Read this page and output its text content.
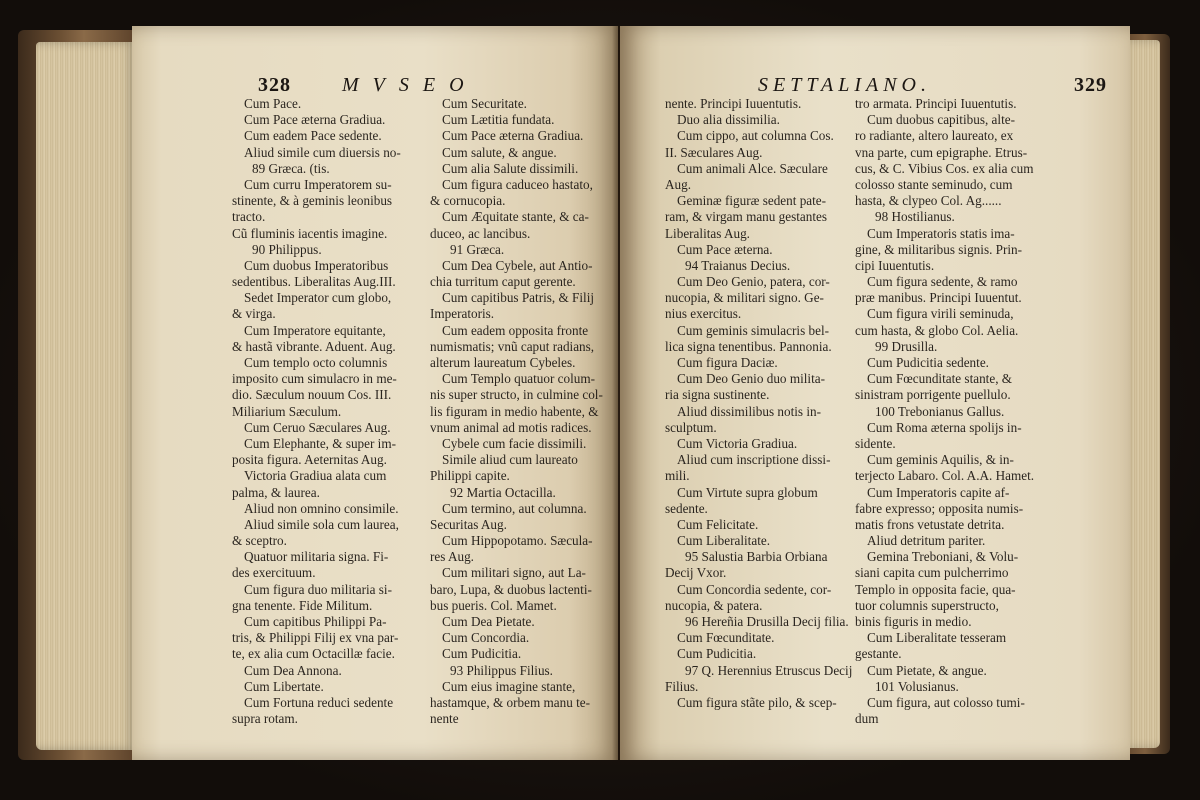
328	MVSEO
Cum Pace.
Cum Pace æterna Gradiua.
Cum eadem Pace sedente.
Aliud simile cum diuersis no-
89 Græca. (tis.
Cum curru Imperatorem su-
stinente, & à geminis leonibus
tracto.
Cũ fluminis iacentis imagine.
90 Philippus.
Cum duobus Imperatoribus
sedentibus. Liberalitas Aug.III.
Sedet Imperator cum globo,
& virga.
Cum Imperatore equitante,
& hastã vibrante. Aduent. Aug.
Cum templo octo columnis
imposito cum simulacro in me-
dio. Sæculum nouum Cos. III.
Miliarium Sæculum.
Cum Ceruo Sæculares Aug.
Cum Elephante, & super im-
posita figura. Aeternitas Aug.
Victoria Gradiua alata cum
palma, & laurea.
Aliud non omnino consimile.
Aliud simile sola cum laurea,
& sceptro.
Quatuor militaria signa. Fi-
des exercituum.
Cum figura duo militaria si-
gna tenente. Fide Militum.
Cum capitibus Philippi Pa-
tris, & Philippi Filij ex vna par-
te, ex alia cum Octacillæ facie.
Cum Dea Annona.
Cum Libertate.
Cum Fortuna reduci sedente
supra rotam.
Cum Securitate.
Cum Lætitia fundata.
Cum Pace æterna Gradiua.
Cum salute, & angue.
Cum alia Salute dissimili.
Cum figura caduceo hastato,
& cornucopia.
Cum Æquitate stante, & ca-
duceo, ac lancibus.
91 Græca.
Cum Dea Cybele, aut Antio-
chia turritum caput gerente.
Cum capitibus Patris, & Filij
Imperatoris.
Cum eadem opposita fronte
numismatis; vnũ caput radians,
alterum laureatum Cybeles.
Cum Templo quatuor colum-
nis super structo, in culmine col-
lis figuram in medio habente, &
vnum animal ad motis radices.
Cybele cum facie dissimili.
Simile aliud cum laureato
Philippi capite.
92 Martia Octacilla.
Cum termino, aut columna.
Securitas Aug.
Cum Hippopotamo. Sæcula-
res Aug.
Cum militari signo, aut La-
baro, Lupa, & duobus lactenti-
bus pueris. Col. Mamet.
Cum Dea Pietate.
Cum Concordia.
Cum Pudicitia.
93 Philippus Filius.
Cum eius imagine stante,
hastamque, & orbem manu te-
nente
SETTALIANO.	329
nente. Principi Iuuentutis.
Duo alia dissimilia.
Cum cippo, aut columna Cos.
II. Sæculares Aug.
Cum animali Alce. Sæculare
Aug.
Geminæ figuræ sedent pate-
ram, & virgam manu gestantes
Liberalitas Aug.
Cum Pace æterna.
94 Traianus Decius.
Cum Deo Genio, patera, cor-
nucopia, & militari signo. Ge-
nius exercitus.
Cum geminis simulacris bel-
lica signa tenentibus. Pannonia.
Cum figura Daciæ.
Cum Deo Genio duo milita-
ria signa sustinente.
Aliud dissimilibus notis in-
sculptum.
Cum Victoria Gradiua.
Aliud cum inscriptione dissi-
mili.
Cum Virtute supra globum
sedente.
Cum Felicitate.
Cum Liberalitate.
95 Salustia Barbia Orbiana
Decij Vxor.
Cum Concordia sedente, cor-
nucopia, & patera.
96 Hereñia Drusilla Decij filia.
Cum Fœcunditate.
Cum Pudicitia.
97 Q. Herennius Etruscus Decij
Filius.
Cum figura stãte pilo, & scep-
tro armata. Principi Iuuentutis.
Cum duobus capitibus, alte-
ro radiante, altero laureato, ex
vna parte, cum epigraphe. Etrus-
cus, & C. Vibius Cos. ex alia cum
colosso stante seminudo, cum
hasta, & clypeo Col. Ag......
98 Hostilianus.
Cum Imperatoris statis ima-
gine, & militaribus signis. Prin-
cipi Iuuentutis.
Cum figura sedente, & ramo
præ manibus. Principi Iuuentut.
Cum figura virili seminuda,
cum hasta, & globo Col. Aelia.
99 Drusilla.
Cum Pudicitia sedente.
Cum Fœcunditate stante, &
sinistram porrigente puellulo.
100 Trebonianus Gallus.
Cum Roma æterna spolijs in-
sidente.
Cum geminis Aquilis, & in-
terjecto Labaro. Col. A.A. Hamet.
Cum Imperatoris capite af-
fabre expresso; opposita numis-
matis frons vetustate detrita.
Aliud detritum pariter.
Gemina Treboniani, & Volu-
siani capita cum pulcherrimo
Templo in opposita facie, qua-
tuor columnis superstructo,
binis figuris in medio.
Cum Liberalitate tesseram
gestante.
Cum Pietate, & angue.
101 Volusianus.
Cum figura, aut colosso tumi-
dum
